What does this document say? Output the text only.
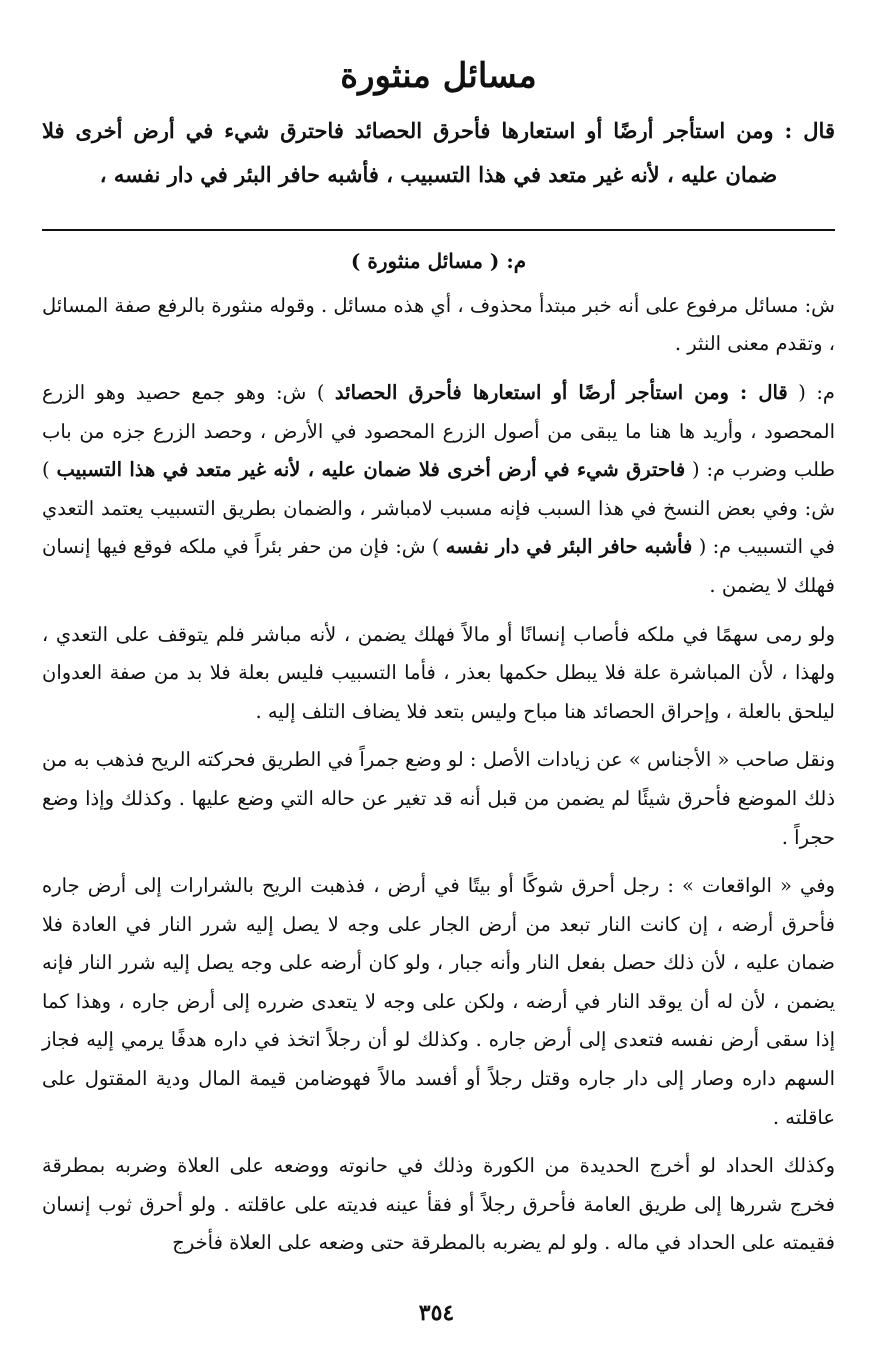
مسائل منثورة

قال : ومن استأجر أرضًا أو استعارها فأحرق الحصائد فاحترق شيء في أرض أخرى فلا ضمان عليه ، لأنه غير متعد في هذا التسبيب ، فأشبه حافر البئر في دار نفسه ،

م: ( مسائل منثورة )

ش: مسائل مرفوع على أنه خبر مبتدأ محذوف ، أي هذه مسائل . وقوله منثورة بالرفع صفة المسائل ، وتقدم معنى النثر .

م: ( قال : ومن استأجر أرضًا أو استعارها فأحرق الحصائد ) ش: وهو جمع حصيد وهو الزرع المحصود ، وأريد ها هنا ما يبقى من أصول الزرع المحصود في الأرض ، وحصد الزرع جزه من باب طلب وضرب م: ( فاحترق شيء في أرض أخرى فلا ضمان عليه ، لأنه غير متعد في هذا التسبيب ) ش: وفي بعض النسخ في هذا السبب فإنه مسبب لامباشر ، والضمان بطريق التسبيب يعتمد التعدي في التسبيب م: ( فأشبه حافر البئر في دار نفسه ) ش: فإن من حفر بئراً في ملكه فوقع فيها إنسان فهلك لا يضمن .

ولو رمى سهمًا في ملكه فأصاب إنسانًا أو مالاً فهلك يضمن ، لأنه مباشر فلم يتوقف على التعدي ، ولهذا ، لأن المباشرة علة فلا يبطل حكمها بعذر ، فأما التسبيب فليس بعلة فلا بد من صفة العدوان ليلحق بالعلة ، وإحراق الحصائد هنا مباح وليس بتعد فلا يضاف التلف إليه .

ونقل صاحب « الأجناس » عن زيادات الأصل : لو وضع جمراً في الطريق فحركته الريح فذهب به من ذلك الموضع فأحرق شيئًا لم يضمن من قبل أنه قد تغير عن حاله التي وضع عليها . وكذلك وإذا وضع حجراً .

وفي « الواقعات » : رجل أحرق شوكًا أو بيتًا في أرض ، فذهبت الريح بالشرارات إلى أرض جاره فأحرق أرضه ، إن كانت النار تبعد من أرض الجار على وجه لا يصل إليه شرر النار في العادة فلا ضمان عليه ، لأن ذلك حصل بفعل النار وأنه جبار ، ولو كان أرضه على وجه يصل إليه شرر النار فإنه يضمن ، لأن له أن يوقد النار في أرضه ، ولكن على وجه لا يتعدى ضرره إلى أرض جاره ، وهذا كما إذا سقى أرض نفسه فتعدى إلى أرض جاره . وكذلك لو أن رجلاً اتخذ في داره هدفًا يرمي إليه فجاز السهم داره وصار إلى دار جاره وقتل رجلاً أو أفسد مالاً فهوضامن قيمة المال ودية المقتول على عاقلته .

وكذلك الحداد لو أخرج الحديدة من الكورة وذلك في حانوته ووضعه على العلاة وضربه بمطرقة فخرج شررها إلى طريق العامة فأحرق رجلاً أو فقأ عينه فديته على عاقلته . ولو أحرق ثوب إنسان فقيمته على الحداد في ماله . ولو لم يضربه بالمطرقة حتى وضعه على العلاة فأخرج

٣٥٤
